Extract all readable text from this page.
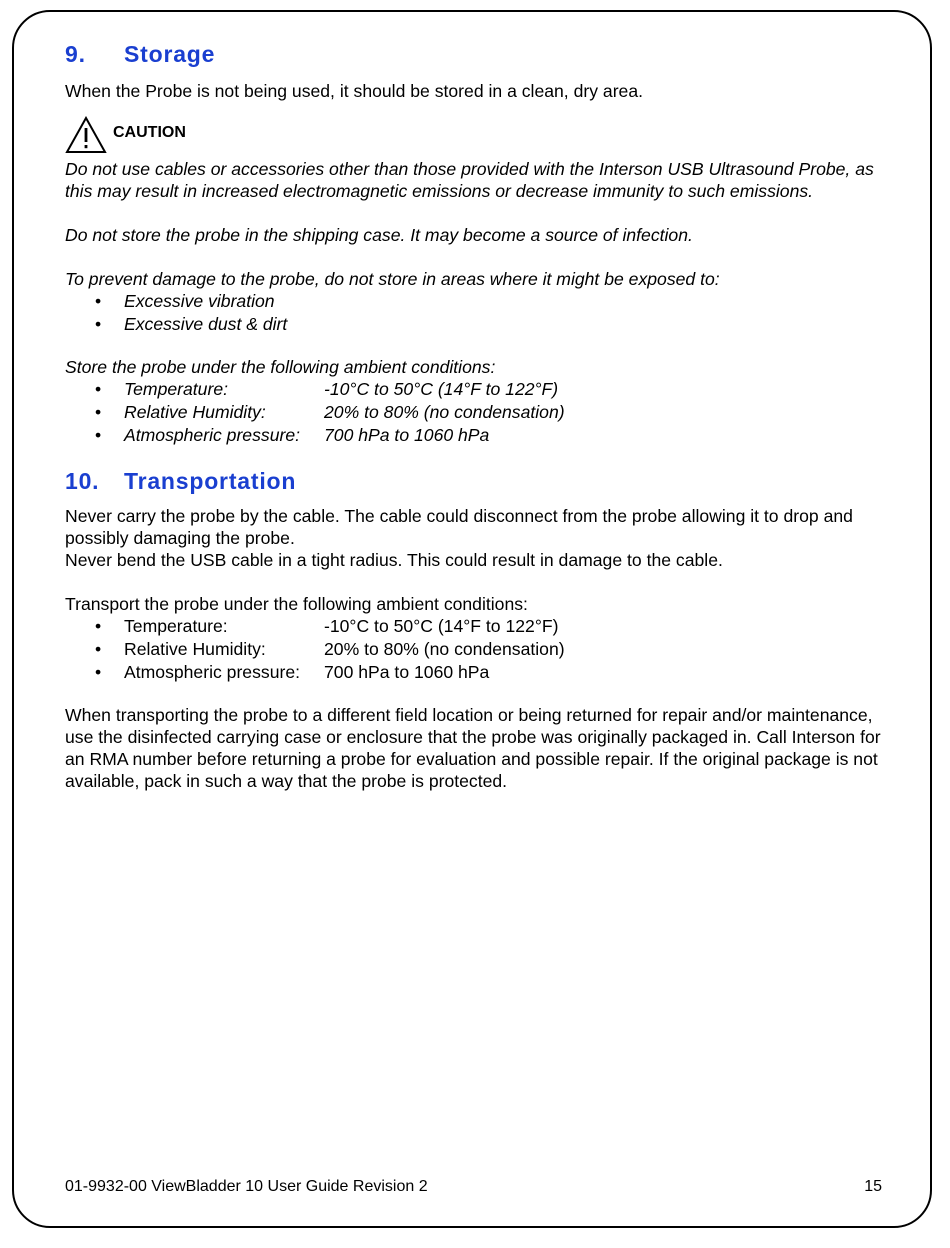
9.	Storage

When the Probe is not being used, it should be stored in a clean, dry area.

CAUTION

Do not use cables or accessories other than those provided with the Interson USB Ultrasound Probe, as this may result in increased electromagnetic emissions or decrease immunity to such emissions.

Do not store the probe in the shipping case. It may become a source of infection.

To prevent damage to the probe, do not store in areas where it might be exposed to:

• Excessive vibration
• Excessive dust & dirt

Store the probe under the following ambient conditions:

• Temperature:	-10°C to 50°C (14°F to 122°F)
• Relative Humidity:	20% to 80% (no condensation)
• Atmospheric pressure:	700 hPa to 1060 hPa
10.	Transportation

Never carry the probe by the cable. The cable could disconnect from the probe allowing it to drop and possibly damaging the probe.

Never bend the USB cable in a tight radius. This could result in damage to the cable.

Transport the probe under the following ambient conditions:

• Temperature:	-10°C to 50°C (14°F to 122°F)
• Relative Humidity:	20% to 80% (no condensation)
• Atmospheric pressure:	700 hPa to 1060 hPa

When transporting the probe to a different field location or being returned for repair and/or maintenance, use the disinfected carrying case or enclosure that the probe was originally packaged in. Call Interson for an RMA number before returning a probe for evaluation and possible repair. If the original package is not available, pack in such a way that the probe is protected.

01-9932-00 ViewBladder 10 User Guide Revision 2	15
